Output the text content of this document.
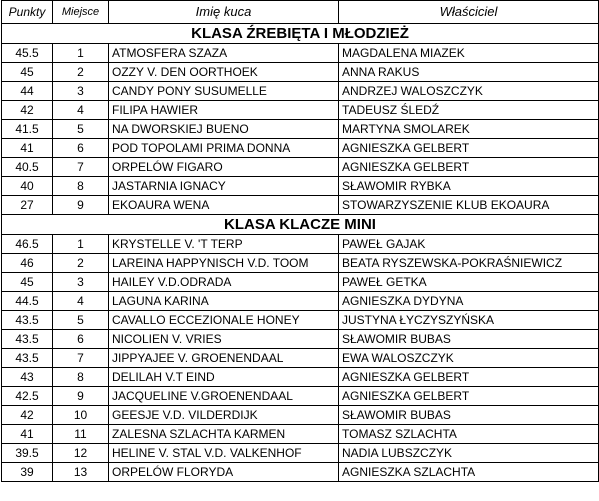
Punkty	Miejsce	Imię kuca	Właściciel
KLASA ŹREBIĘTA I MŁODZIEŻ			
45.5	1	ATMOSFERA SZAZA	MAGDALENA MIAZEK
45	2	OZZY V. DEN OORTHOEK	ANNA RAKUS
44	3	CANDY PONY SUSUMELLE	ANDRZEJ WALOSZCZYK
42	4	FILIPA HAWIER	TADEUSZ ŚLEDŹ
41.5	5	NA DWORSKIEJ BUENO	MARTYNA SMOLAREK
41	6	POD TOPOLAMI PRIMA DONNA	AGNIESZKA GELBERT
40.5	7	ORPELÓW FIGARO	AGNIESZKA GELBERT
40	8	JASTARNIA IGNACY	SŁAWOMIR RYBKA
27	9	EKOAURA WENA	STOWARZYSZENIE KLUB EKOAURA
KLASA KLACZE MINI			
46.5	1	KRYSTELLE V. 'T TERP	PAWEŁ GAJAK
46	2	LAREINA HAPPYNISCH V.D. TOOM	BEATA RYSZEWSKA-POKRAŚNIEWICZ
45	3	HAILEY V.D.ODRADA	PAWEŁ GETKA
44.5	4	LAGUNA KARINA	AGNIESZKA DYDYNA
43.5	5	CAVALLO ECCEZIONALE HONEY	JUSTYNA ŁYCZYSZYŃSKA
43.5	6	NICOLIEN V. VRIES	SŁAWOMIR BUBAS
43.5	7	JIPPYAJEE V. GROENENDAAL	EWA WALOSZCZYK
43	8	DELILAH V.T EIND	AGNIESZKA GELBERT
42.5	9	JACQUELINE V.GROENENDAAL	AGNIESZKA GELBERT
42	10	GEESJE V.D. VILDERDIJK	SŁAWOMIR BUBAS
41	11	ZALESNA SZLACHTA KARMEN	TOMASZ SZLACHTA
39.5	12	HELINE V. STAL V.D. VALKENHOF	NADIA LUBSZCZYK
39	13	ORPELÓW FLORYDA	AGNIESZKA SZLACHTA
